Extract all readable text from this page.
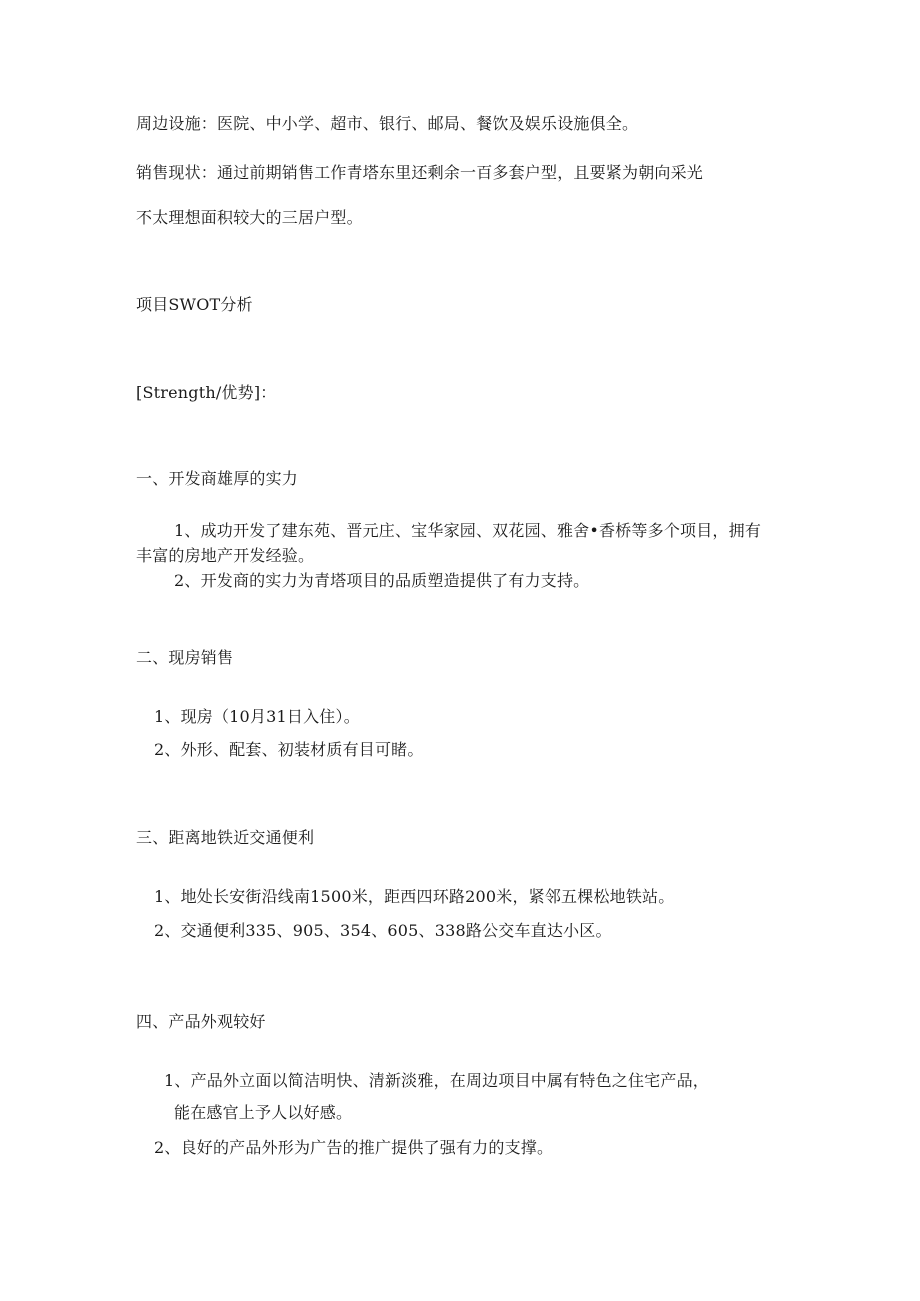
周边设施：医院、中小学、超市、银行、邮局、餐饮及娱乐设施俱全。
销售现状：通过前期销售工作青塔东里还剩余一百多套户型，且要紧为朝向采光
不太理想面积较大的三居户型。
项目SWOT分析
[Strength/优势]：
一、开发商雄厚的实力
1、成功开发了建东苑、晋元庄、宝华家园、双花园、雅舍•香桥等多个项目，拥有
丰富的房地产开发经验。
2、开发商的实力为青塔项目的品质塑造提供了有力支持。
二、现房销售
1、现房（10月31日入住）。
2、外形、配套、初装材质有目可睹。
三、距离地铁近交通便利
1、地处长安街沿线南1500米，距西四环路200米，紧邻五棵松地铁站。
2、交通便利335、905、354、605、338路公交车直达小区。
四、产品外观较好
1、产品外立面以简洁明快、清新淡雅，在周边项目中属有特色之住宅产品，
能在感官上予人以好感。
2、良好的产品外形为广告的推广提供了强有力的支撑。
